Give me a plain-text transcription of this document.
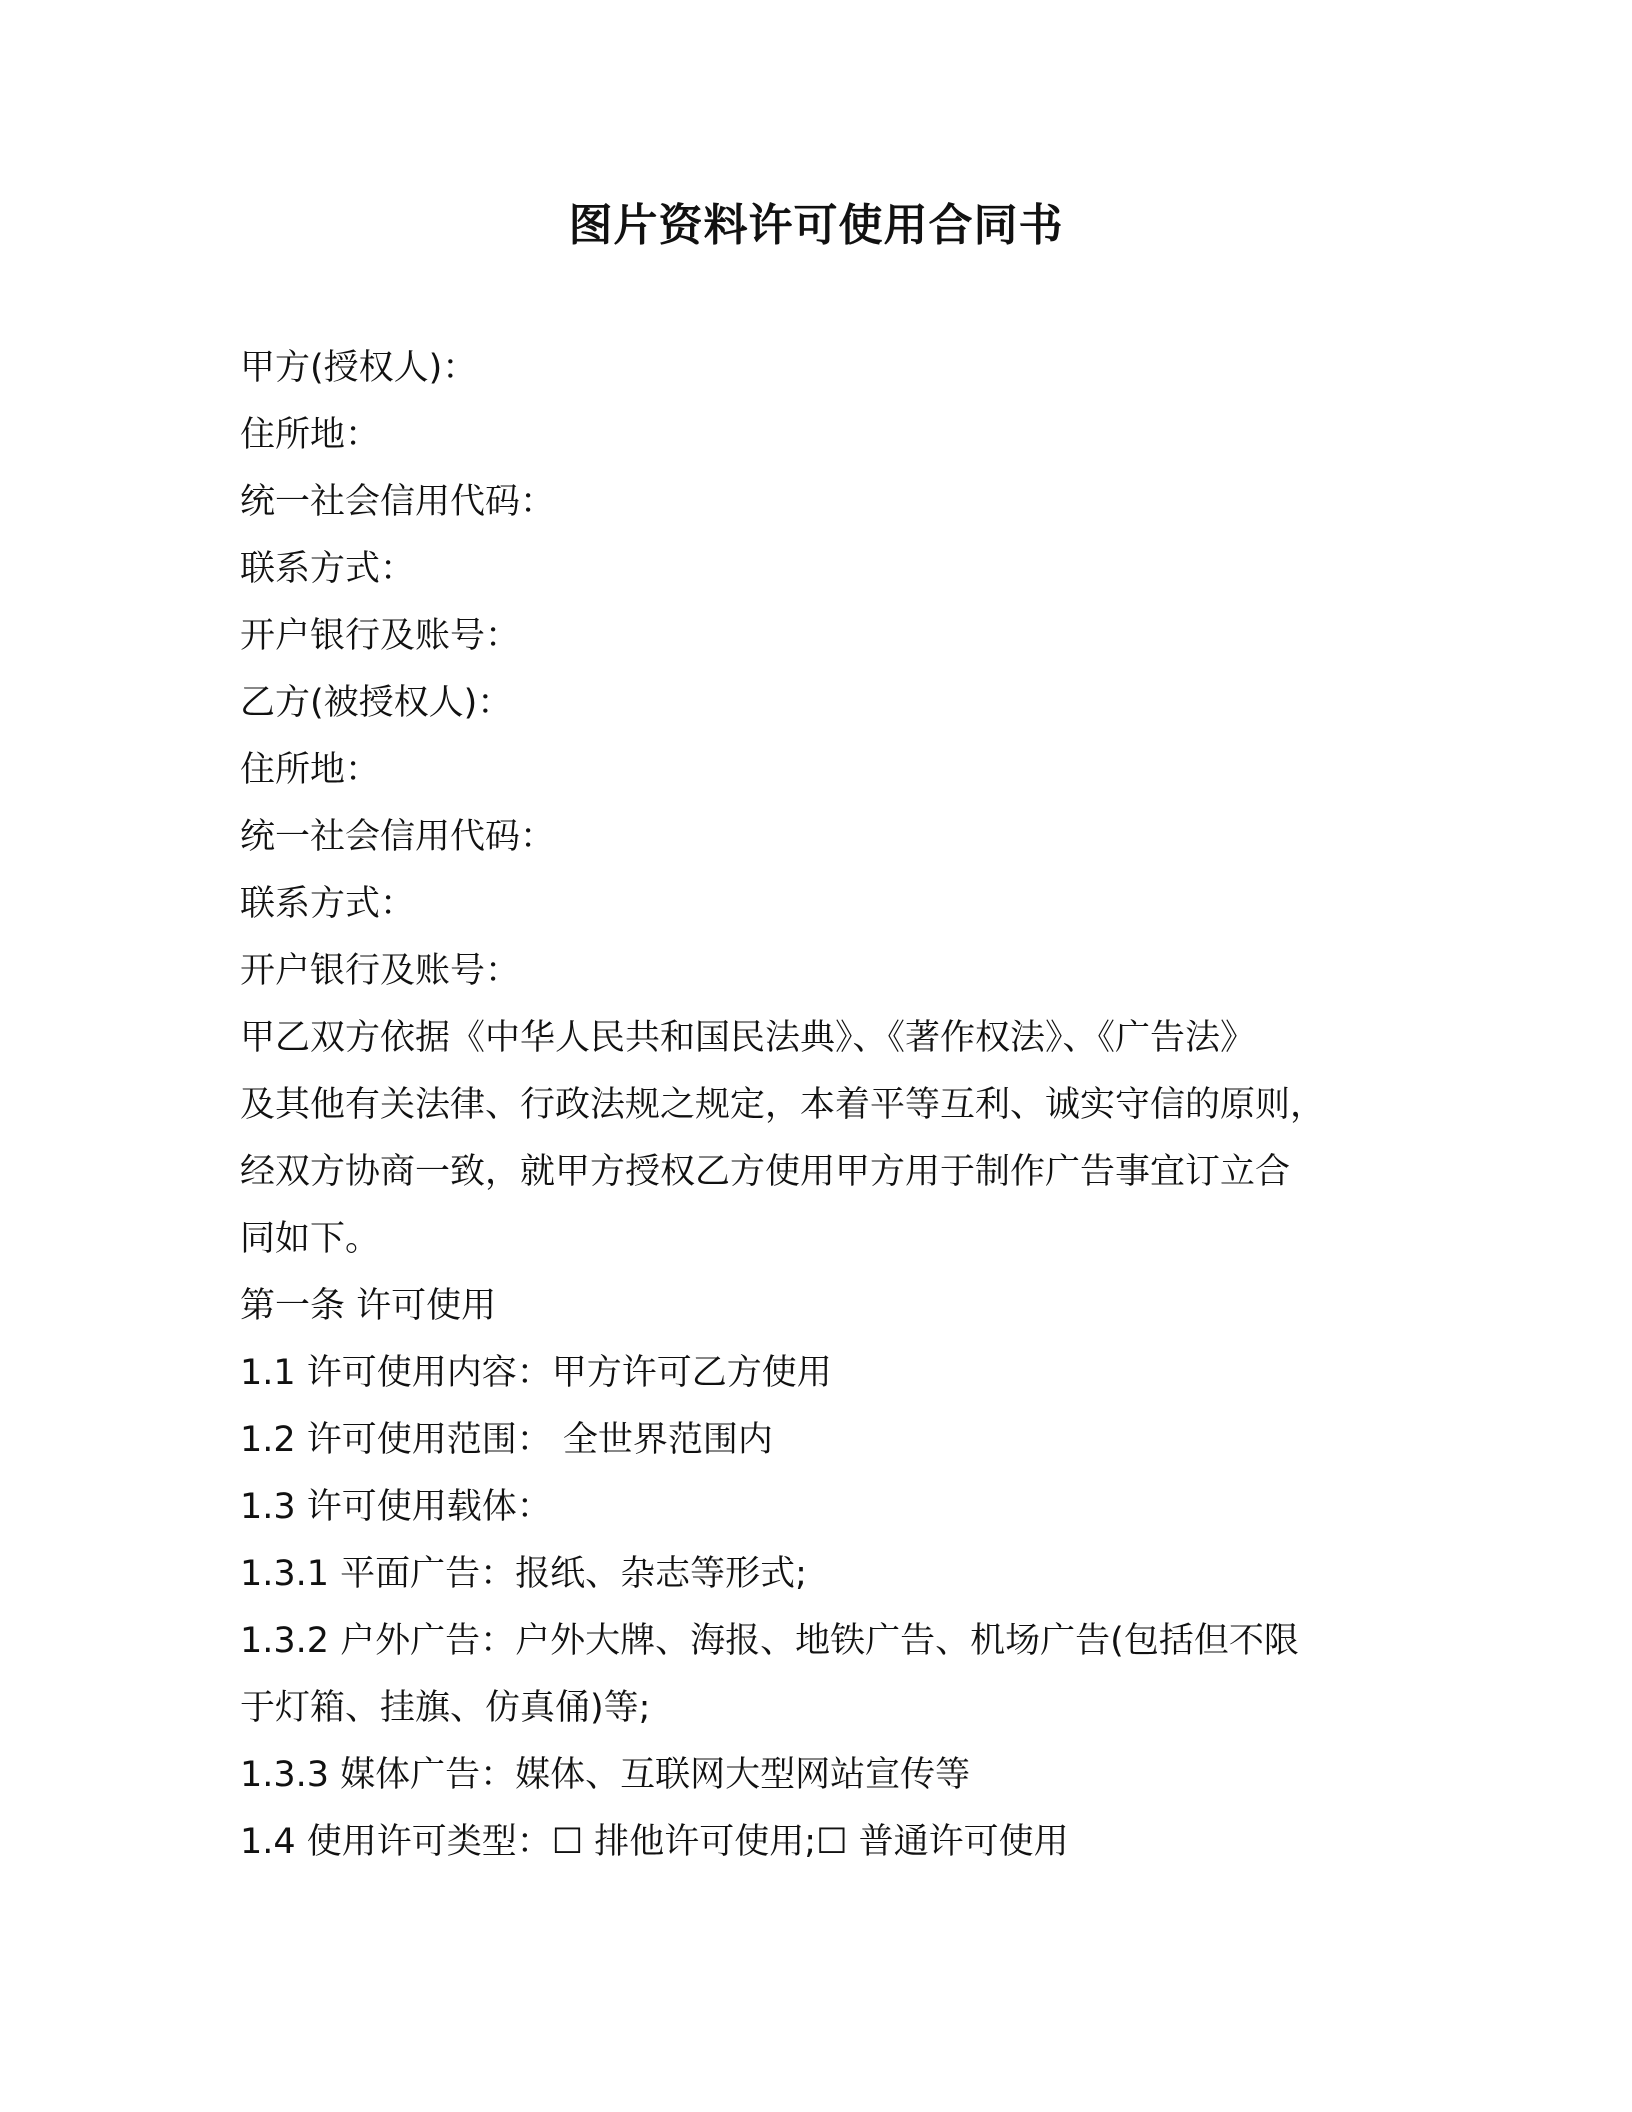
图片资料许可使用合同书
甲方(授权人)：
住所地：
统一社会信用代码：
联系方式：
开户银行及账号：
乙方(被授权人)：
住所地：
统一社会信用代码：
联系方式：
开户银行及账号：
甲乙双方依据《中华人民共和国民法典》、《著作权法》、《广告法》
及其他有关法律、行政法规之规定，本着平等互利、诚实守信的原则，
经双方协商一致，就甲方授权乙方使用甲方用于制作广告事宜订立合
同如下。
第一条 许可使用
1.1 许可使用内容：甲方许可乙方使用
1.2 许可使用范围： 全世界范围内
1.3 许可使用载体：
1.3.1 平面广告：报纸、杂志等形式;
1.3.2 户外广告：户外大牌、海报、地铁广告、机场广告(包括但不限
于灯箱、挂旗、仿真俑)等;
1.3.3 媒体广告：媒体、互联网大型网站宣传等
1.4 使用许可类型：☐ 排他许可使用;☐ 普通许可使用
